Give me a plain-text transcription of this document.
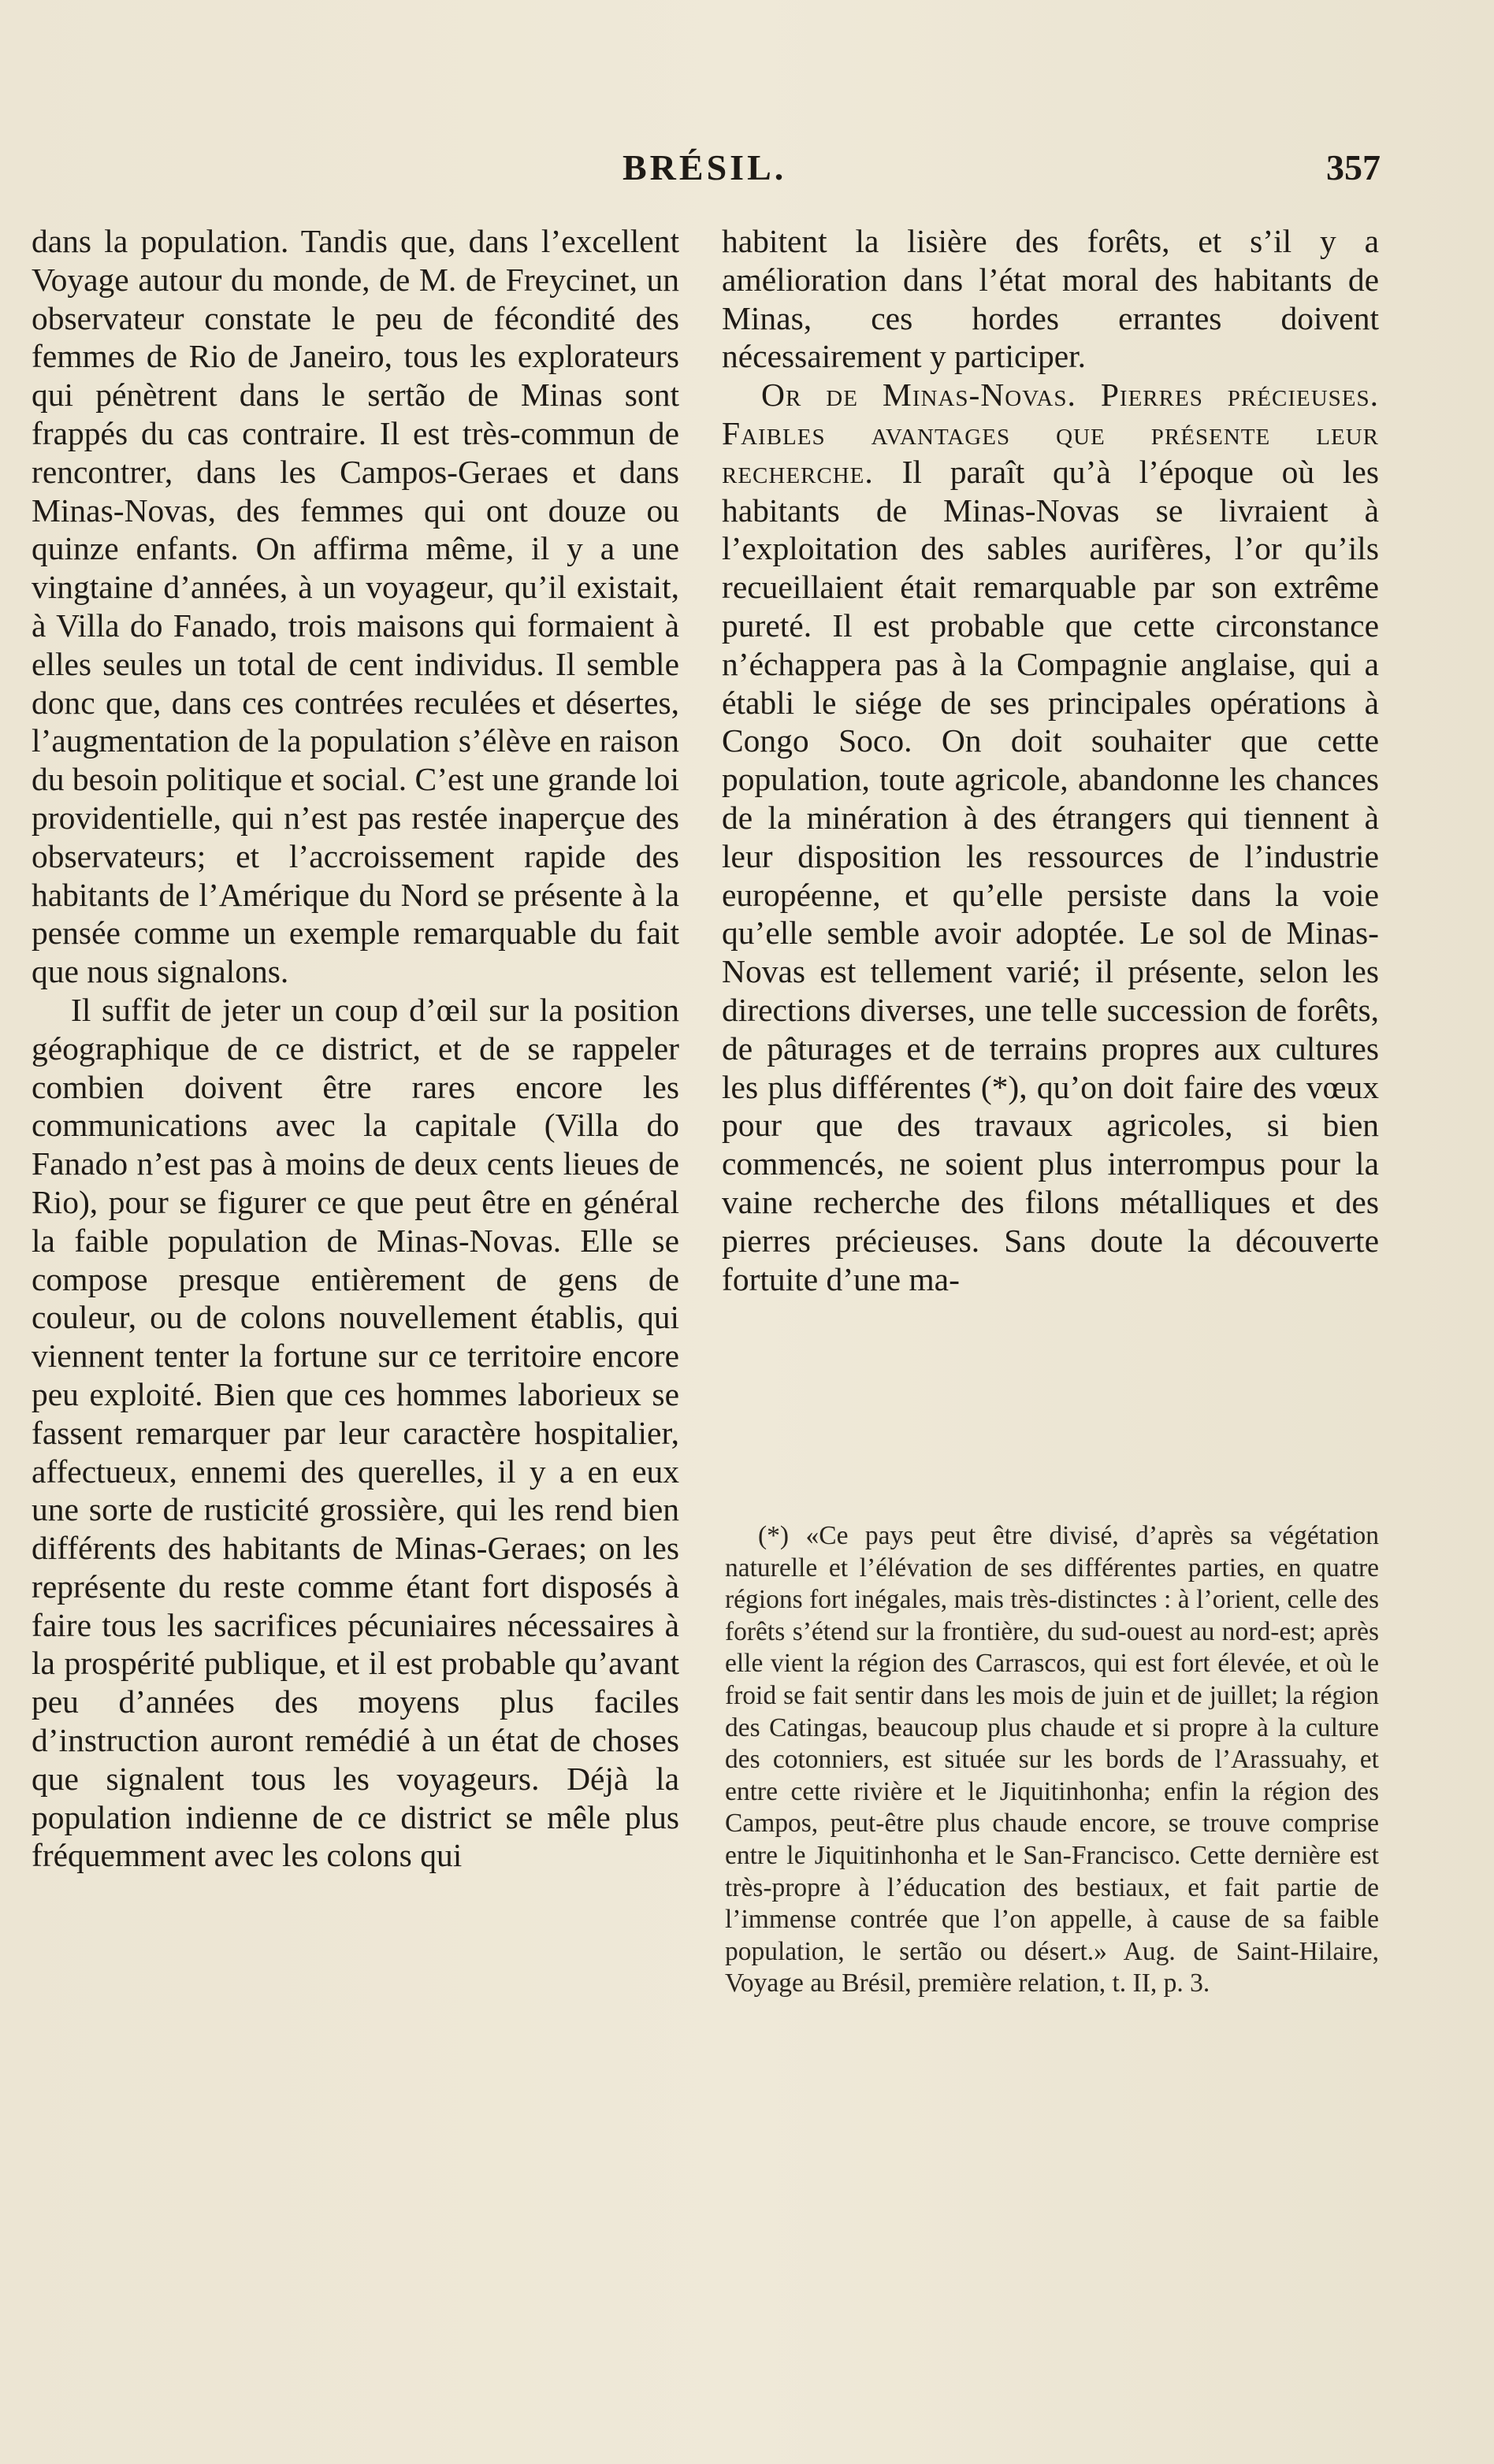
BRÉSIL.	357

dans la population. Tandis que, dans l’excellent Voyage autour du monde, de M. de Freycinet, un observateur constate le peu de fécondité des femmes de Rio de Janeiro, tous les explorateurs qui pénètrent dans le sertão de Minas sont frappés du cas contraire. Il est très-commun de rencontrer, dans les Campos-Geraes et dans Minas-Novas, des femmes qui ont douze ou quinze enfants. On affirma même, il y a une vingtaine d’années, à un voyageur, qu’il existait, à Villa do Fanado, trois maisons qui formaient à elles seules un total de cent individus. Il semble donc que, dans ces contrées reculées et désertes, l’augmentation de la population s’élève en raison du besoin politique et social. C’est une grande loi providentielle, qui n’est pas restée inaperçue des observateurs; et l’accroissement rapide des habitants de l’Amérique du Nord se présente à la pensée comme un exemple remarquable du fait que nous signalons.

Il suffit de jeter un coup d’œil sur la position géographique de ce district, et de se rappeler combien doivent être rares encore les communications avec la capitale (Villa do Fanado n’est pas à moins de deux cents lieues de Rio), pour se figurer ce que peut être en général la faible population de Minas-Novas. Elle se compose presque entièrement de gens de couleur, ou de colons nouvellement établis, qui viennent tenter la fortune sur ce territoire encore peu exploité. Bien que ces hommes laborieux se fassent remarquer par leur caractère hospitalier, affectueux, ennemi des querelles, il y a en eux une sorte de rusticité grossière, qui les rend bien différents des habitants de Minas-Geraes; on les représente du reste comme étant fort disposés à faire tous les sacrifices pécuniaires nécessaires à la prospérité publique, et il est probable qu’avant peu d’années des moyens plus faciles d’instruction auront remédié à un état de choses que signalent tous les voyageurs. Déjà la population indienne de ce district se mêle plus fréquemment avec les colons qui

habitent la lisière des forêts, et s’il y a amélioration dans l’état moral des habitants de Minas, ces hordes errantes doivent nécessairement y participer.

Or de Minas-Novas. Pierres précieuses. Faibles avantages que présente leur recherche. Il paraît qu’à l’époque où les habitants de Minas-Novas se livraient à l’exploitation des sables aurifères, l’or qu’ils recueillaient était remarquable par son extrême pureté. Il est probable que cette circonstance n’échappera pas à la Compagnie anglaise, qui a établi le siége de ses principales opérations à Congo Soco. On doit souhaiter que cette population, toute agricole, abandonne les chances de la minération à des étrangers qui tiennent à leur disposition les ressources de l’industrie européenne, et qu’elle persiste dans la voie qu’elle semble avoir adoptée. Le sol de Minas-Novas est tellement varié; il présente, selon les directions diverses, une telle succession de forêts, de pâturages et de terrains propres aux cultures les plus différentes (*), qu’on doit faire des vœux pour que des travaux agricoles, si bien commencés, ne soient plus interrompus pour la vaine recherche des filons métalliques et des pierres précieuses. Sans doute la découverte fortuite d’une ma-

(*) «Ce pays peut être divisé, d’après sa végétation naturelle et l’élévation de ses différentes parties, en quatre régions fort inégales, mais très-distinctes : à l’orient, celle des forêts s’étend sur la frontière, du sud-ouest au nord-est; après elle vient la région des Carrascos, qui est fort élevée, et où le froid se fait sentir dans les mois de juin et de juillet; la région des Catingas, beaucoup plus chaude et si propre à la culture des cotonniers, est située sur les bords de l’Arassuahy, et entre cette rivière et le Jiquitinhonha; enfin la région des Campos, peut-être plus chaude encore, se trouve comprise entre le Jiquitinhonha et le San-Francisco. Cette dernière est très-propre à l’éducation des bestiaux, et fait partie de l’immense contrée que l’on appelle, à cause de sa faible population, le sertão ou désert.» Aug. de Saint-Hilaire, Voyage au Brésil, première relation, t. II, p. 3.
